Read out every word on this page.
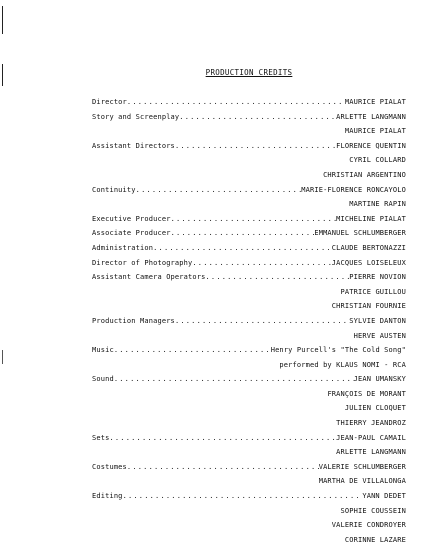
PRODUCTION CREDITS
Director .....	MAURICE PIALAT
Story and Screenplay .....	ARLETTE LANGMANN
MAURICE PIALAT
Assistant Directors .....	FLORENCE QUENTIN
CYRIL COLLARD
CHRISTIAN ARGENTINO
Continuity .....	MARIE-FLORENCE RONCAYOLO
MARTINE RAPIN
Executive Producer .....	MICHELINE PIALAT
Associate Producer .....	EMMANUEL SCHLUMBERGER
Administration .....	CLAUDE BERTONAZZI
Director of Photography .....	JACQUES LOISELEUX
Assistant Camera Operators .....	PIERRE NOVION
PATRICE GUILLOU
CHRISTIAN FOURNIE
Production Managers .....	SYLVIE DANTON
HERVE AUSTEN
Music .....	Henry Purcell's "The Cold Song"
performed by KLAUS NOMI - RCA
Sound .....	JEAN UMANSKY
FRANÇOIS DE MORANT
JULIEN CLOQUET
THIERRY JEANDROZ
Sets .....	JEAN-PAUL CAMAIL
ARLETTE LANGMANN
Costumes .....	VALERIE SCHLUMBERGER
MARTHA DE VILLALONGA
Editing .....	YANN DEDET
SOPHIE COUSSEIN
VALERIE CONDROYER
CORINNE LAZARE
